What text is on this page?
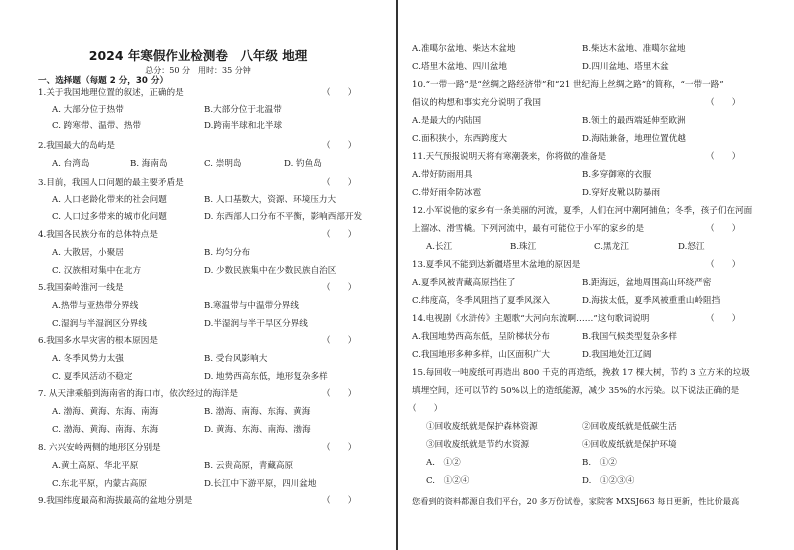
2024 年寒假作业检测卷　八年级 地理
总分：50 分　用时：35 分钟
一、选择题（每题 2 分，30 分）
1.关于我国地理位置的叙述，正确的是	（　　）
A. 大部分位于热带	B.大部分位于北温带
C. 跨寒带、温带、热带	D.跨南半球和北半球
2.我国最大的岛屿是	（　　）
A. 台湾岛	B. 海南岛	C. 崇明岛	D. 钓鱼岛
3.目前，我国人口问题的最主要矛盾是	（　　）
A. 人口老龄化带来的社会问题	B. 人口基数大，资源、环境压力大
C. 人口过多带来的城市化问题	D. 东西部人口分布不平衡，影响西部开发
4.我国各民族分布的总体特点是	（　　）
A. 大散居，小聚居	B. 均匀分布
C. 汉族相对集中在北方	D. 少数民族集中在少数民族自治区
5.我国秦岭淮河一线是	（　　）
A.热带与亚热带分界线	B.寒温带与中温带分界线
C.湿润与半湿润区分界线	D.半湿润与半干旱区分界线
6.我国多水旱灾害的根本原因是	（　　）
A. 冬季风势力太强	B. 受台风影响大
C. 夏季风活动不稳定	D. 地势西高东低，地形复杂多样
7. 从天津乘船到海南省的海口市，依次经过的海洋是	（　　）
A. 渤海、黄海、东海、南海	B. 渤海、南海、东海、黄海
C. 渤海、黄海、南海、东海	D. 黄海、东海、南海、渤海
8. 六兴安岭两侧的地形区分别是	（　　）
A.黄土高原、华北平原	B. 云贵高原，青藏高原
C.东北平原，内蒙古高原	D.长江中下游平原，四川盆地
9.我国纬度最高和海拔最高的盆地分别是	（　　）
A.准噶尔盆地、柴达木盆地	B.柴达木盆地、准噶尔盆地
C.塔里木盆地、四川盆地	D.四川盆地、塔里木盆
10.“一带一路”是“丝绸之路经济带”和“21 世纪海上丝绸之路”的简称，“一带一路”
倡议的构想和事实充分说明了我国	（　　）
A.是最大的内陆国	B.领土的最西端延伸至欧洲
C.面积狭小，东西跨度大	D.海陆兼备，地理位置优越
11.天气预报说明天将有寒潮袭来，你将做的准备是	（　　）
A.带好防雨用具	B.多穿御寒的衣服
C.带好雨伞防冰雹	D.穿好皮靴以防暴雨
12.小军说他的家乡有一条美丽的河流，夏季，人们在河中潮阿捕鱼；冬季，孩子们在河面
上溜冰、滑雪橇。下列河流中，最有可能位于小军的家乡的是	（　　）
A.长江	B.珠江	C.黑龙江	D.怒江
13.夏季风不能到达新疆塔里木盆地的原因是	（　　）
A.夏季风被青藏高原挡住了	B.距海远，盆地周围高山环绕严密
C.纬度高，冬季风阻挡了夏季风深入	D.海拔太低，夏季风被重重山岭阻挡
14.电视剧《水浒传》主题歌“大河向东流啊……”这句歌词说明	（　　）
A.我国地势西高东低，呈阶梯状分布	B.我国气候类型复杂多样
C.我国地形多种多样，山区面积广大	D.我国地处江辽阔
15.每回收一吨废纸可再造出 800 千克的再造纸，挽救 17 棵大树，节约 3 立方米的垃圾
填埋空间，还可以节约 50%以上的造纸能源，减少 35%的水污染。以下说法正确的是
（　　）
①回收废纸就是保护森林资源	②回收废纸就是低碳生活
③回收废纸就是节约水资源	④回收废纸就是保护环境
A.　①②	B.　①②
C.　①②④	D.　①②③④
您看到的资料都源自我们平台，20 多万份试卷，家院客 MXSJ663 每日更新，性比价最高
